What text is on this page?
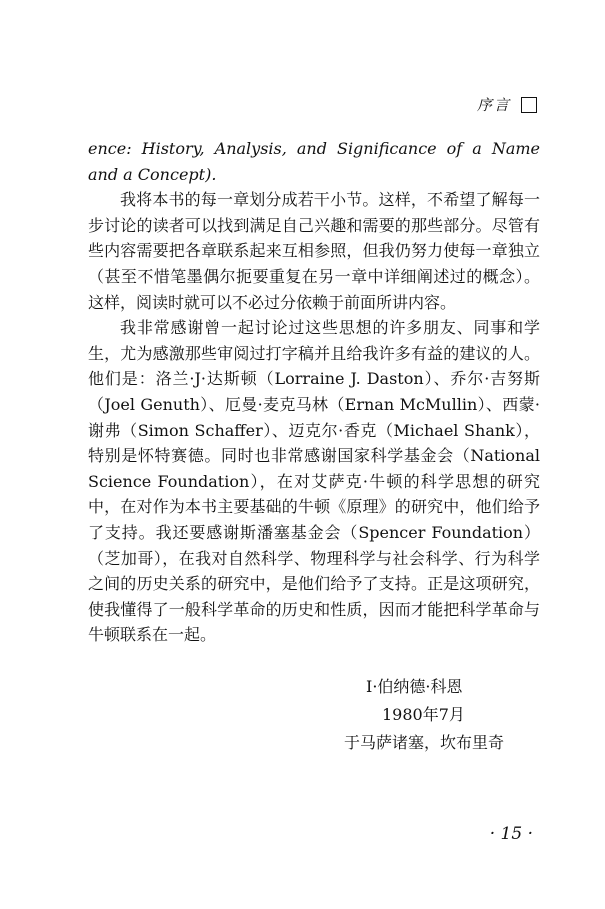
序言

ence: History, Analysis, and Significance of a Name and a Concept).

我将本书的每一章划分成若干小节。这样，不希望了解每一步讨论的读者可以找到满足自己兴趣和需要的那些部分。尽管有些内容需要把各章联系起来互相参照，但我仍努力使每一章独立（甚至不惜笔墨偶尔扼要重复在另一章中详细阐述过的概念）。这样，阅读时就可以不必过分依赖于前面所讲内容。

我非常感谢曾一起讨论过这些思想的许多朋友、同事和学生，尤为感激那些审阅过打字稿并且给我许多有益的建议的人。他们是：洛兰·J·达斯顿（Lorraine J. Daston）、乔尔·吉努斯（Joel Genuth）、厄曼·麦克马林（Ernan McMullin）、西蒙·谢弗（Simon Schaffer）、迈克尔·香克（Michael Shank），特别是怀特赛德。同时也非常感谢国家科学基金会（National Science Foundation），在对艾萨克·牛顿的科学思想的研究中，在对作为本书主要基础的牛顿《原理》的研究中，他们给予了支持。我还要感谢斯潘塞基金会（Spencer Foundation）（芝加哥），在我对自然科学、物理科学与社会科学、行为科学之间的历史关系的研究中，是他们给予了支持。正是这项研究，使我懂得了一般科学革命的历史和性质，因而才能把科学革命与牛顿联系在一起。

I·伯纳德·科恩
1980年7月
于马萨诸塞，坎布里奇
· 15 ·
